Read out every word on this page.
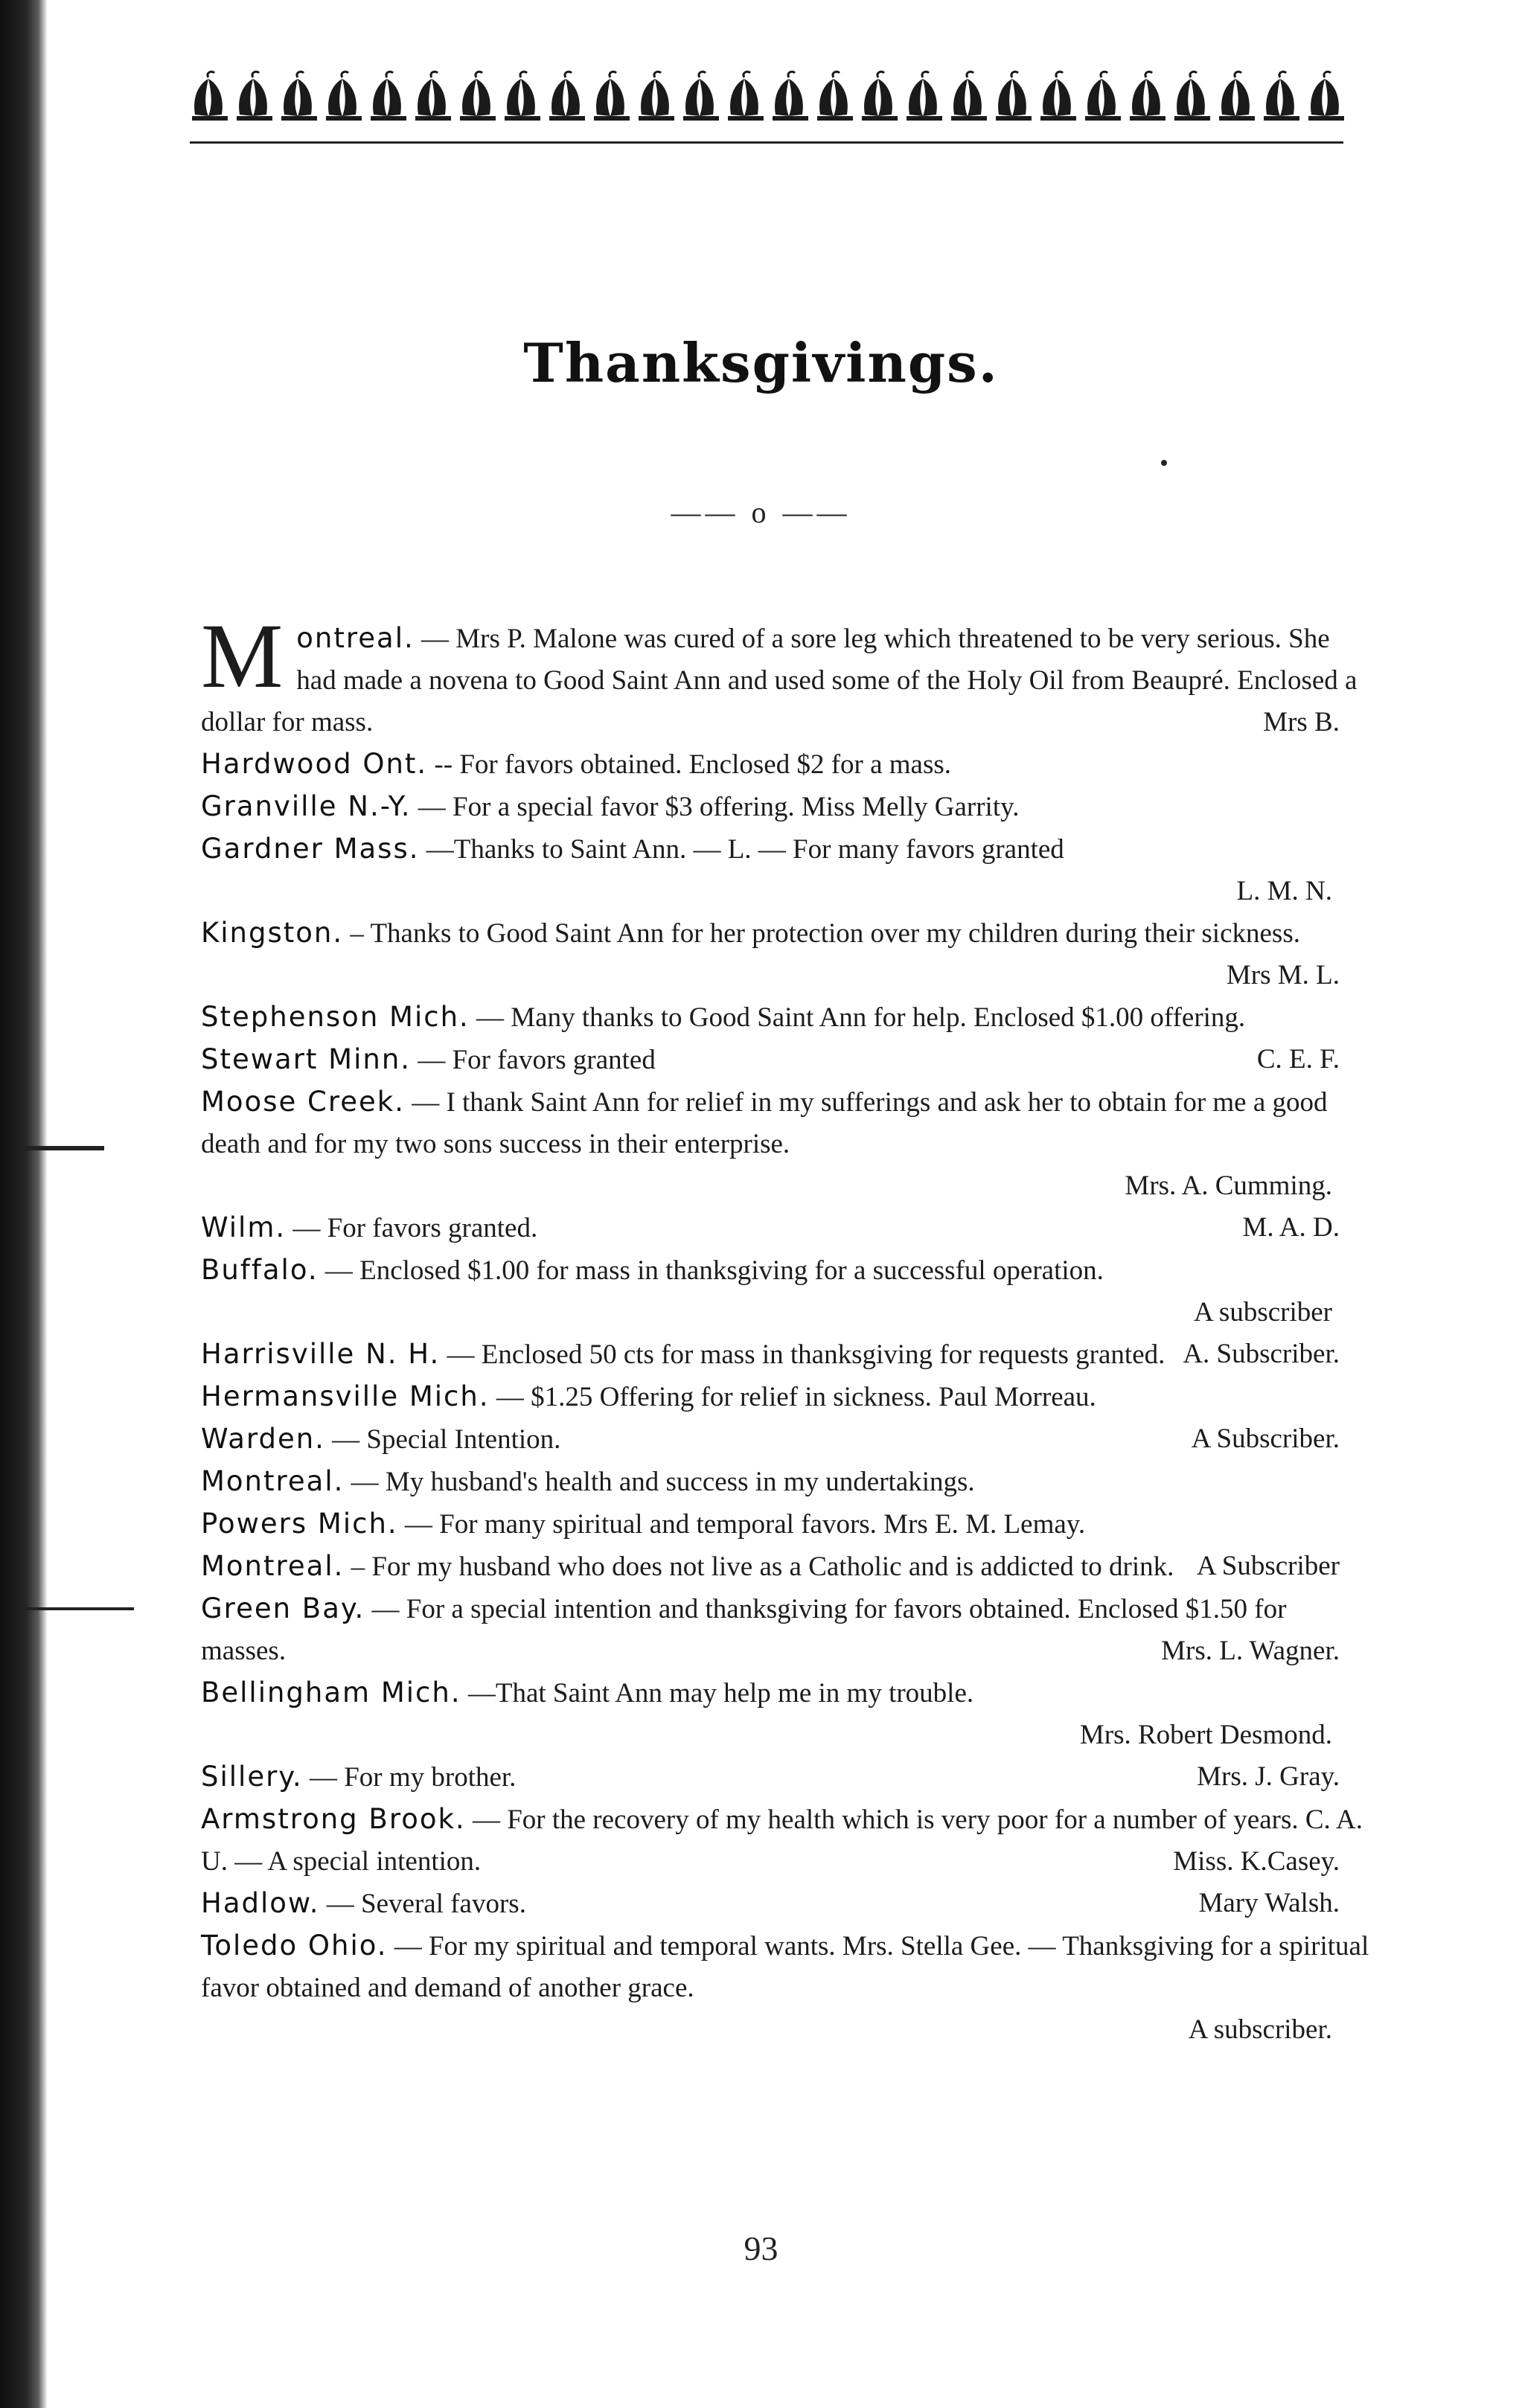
Thanksgivings.
—— o ——

Montreal. — Mrs P. Malone was cured of a sore leg which threatened to be very serious. She had made a novena to Good Saint Ann and used some of the Holy Oil from Beaupré. Enclosed a dollar for mass.	Mrs B.

Hardwood Ont. -- For favors obtained. Enclosed $2 for a mass.

Granville N.-Y. — For a special favor $3 offering. Miss Melly Garrity.

Gardner Mass. —Thanks to Saint Ann. — L. — For many favors granted
L. M. N.

Kingston. – Thanks to Good Saint Ann for her protection over my children during their sickness.
Mrs M. L.

Stephenson Mich. — Many thanks to Good Saint Ann for help. Enclosed $1.00 offering.

Stewart Minn. — For favors granted	C. E. F.

Moose Creek. — I thank Saint Ann for relief in my sufferings and ask her to obtain for me a good death and for my two sons success in their enterprise.
Mrs. A. Cumming.

Wilm. — For favors granted.	M. A. D.

Buffalo. — Enclosed $1.00 for mass in thanksgiving for a successful operation.
A subscriber

Harrisville N. H. — Enclosed 50 cts for mass in thanksgiving for requests granted. A. Subscriber.

Hermansville Mich. — $1.25 Offering for relief in sickness. Paul Morreau.

Warden. — Special Intention.	A Subscriber.

Montreal. — My husband's health and success in my undertakings.

Powers Mich. — For many spiritual and temporal favors. Mrs E. M. Lemay.

Montreal. – For my husband who does not live as a Catholic and is addicted to drink. A Subscriber

Green Bay. — For a special intention and thanksgiving for favors obtained. Enclosed $1.50 for masses.	Mrs. L. Wagner.

Bellingham Mich. —That Saint Ann may help me in my trouble.
Mrs. Robert Desmond.

Sillery. — For my brother.	Mrs. J. Gray.

Armstrong Brook. — For the recovery of my health which is very poor for a number of years. C. A. U. — A special intention.	Miss. K.Casey.

Hadlow. — Several favors.	Mary Walsh.

Toledo Ohio. — For my spiritual and temporal wants. Mrs. Stella Gee. — Thanksgiving for a spiritual favor obtained and demand of another grace.
A subscriber.

93
